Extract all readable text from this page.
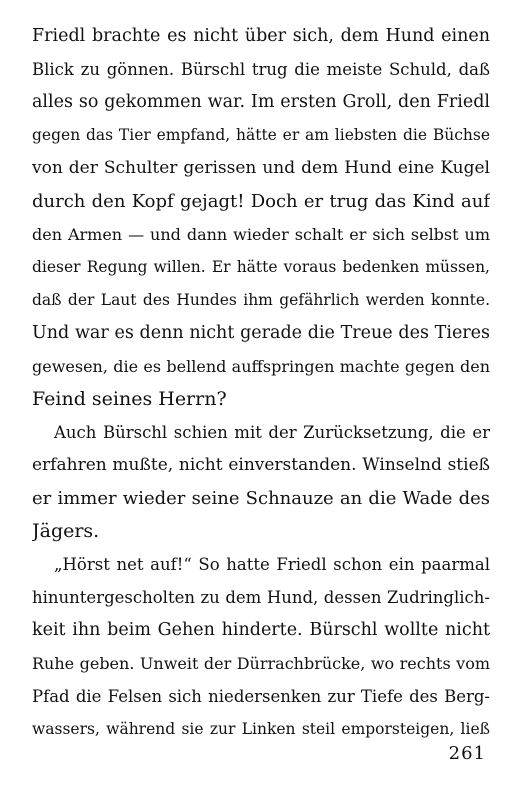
Friedl brachte es nicht über sich, dem Hund einen
Blick zu gönnen. Bürschl trug die meiste Schuld, daß
alles so gekommen war. Im ersten Groll, den Friedl
gegen das Tier empfand, hätte er am liebsten die Büchse
von der Schulter gerissen und dem Hund eine Kugel
durch den Kopf gejagt! Doch er trug das Kind auf
den Armen — und dann wieder schalt er sich selbst um
dieser Regung willen. Er hätte voraus bedenken müssen,
daß der Laut des Hundes ihm gefährlich werden konnte.
Und war es denn nicht gerade die Treue des Tieres
gewesen, die es bellend auffspringen machte gegen den
Feind seines Herrn?
Auch Bürschl schien mit der Zurücksetzung, die er
erfahren mußte, nicht einverstanden. Winselnd stieß
er immer wieder seine Schnauze an die Wade des
Jägers.
„Hörst net auf!“ So hatte Friedl schon ein paarmal
hinuntergescholten zu dem Hund, dessen Zudringlich-
keit ihn beim Gehen hinderte. Bürschl wollte nicht
Ruhe geben. Unweit der Dürrachbrücke, wo rechts vom
Pfad die Felsen sich niedersenken zur Tiefe des Berg-
wassers, während sie zur Linken steil emporsteigen, ließ
261
